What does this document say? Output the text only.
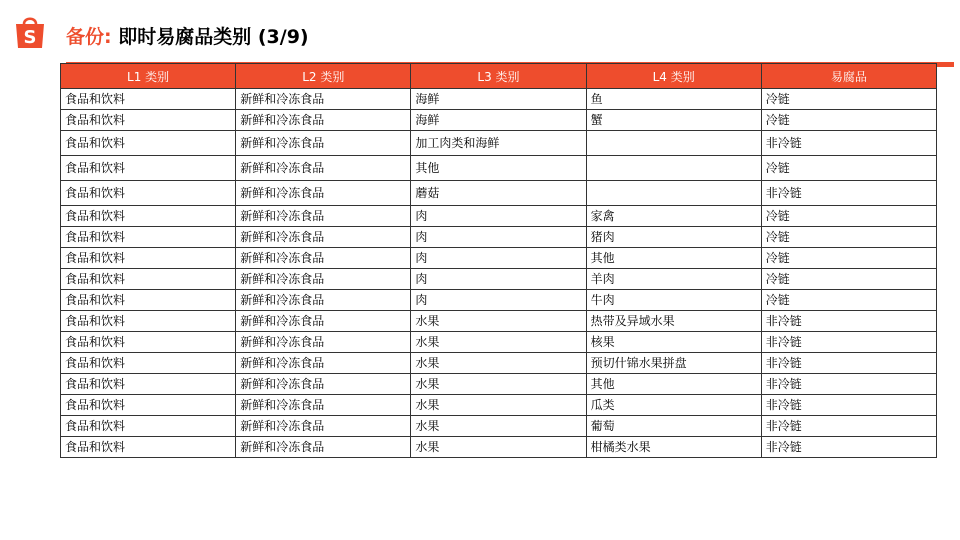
S 备份: 即时易腐品类别 (3/9)
L1 类别	L2 类别	L3 类别	L4 类别	易腐品
食品和饮料	新鲜和冷冻食品	海鲜	鱼	冷链
食品和饮料	新鲜和冷冻食品	海鲜	蟹	冷链
食品和饮料	新鲜和冷冻食品	加工肉类和海鲜		非冷链
食品和饮料	新鲜和冷冻食品	其他		冷链
食品和饮料	新鲜和冷冻食品	蘑菇		非冷链
食品和饮料	新鲜和冷冻食品	肉	家禽	冷链
食品和饮料	新鲜和冷冻食品	肉	猪肉	冷链
食品和饮料	新鲜和冷冻食品	肉	其他	冷链
食品和饮料	新鲜和冷冻食品	肉	羊肉	冷链
食品和饮料	新鲜和冷冻食品	肉	牛肉	冷链
食品和饮料	新鲜和冷冻食品	水果	热带及异域水果	非冷链
食品和饮料	新鲜和冷冻食品	水果	核果	非冷链
食品和饮料	新鲜和冷冻食品	水果	预切什锦水果拼盘	非冷链
食品和饮料	新鲜和冷冻食品	水果	其他	非冷链
食品和饮料	新鲜和冷冻食品	水果	瓜类	非冷链
食品和饮料	新鲜和冷冻食品	水果	葡萄	非冷链
食品和饮料	新鲜和冷冻食品	水果	柑橘类水果	非冷链
